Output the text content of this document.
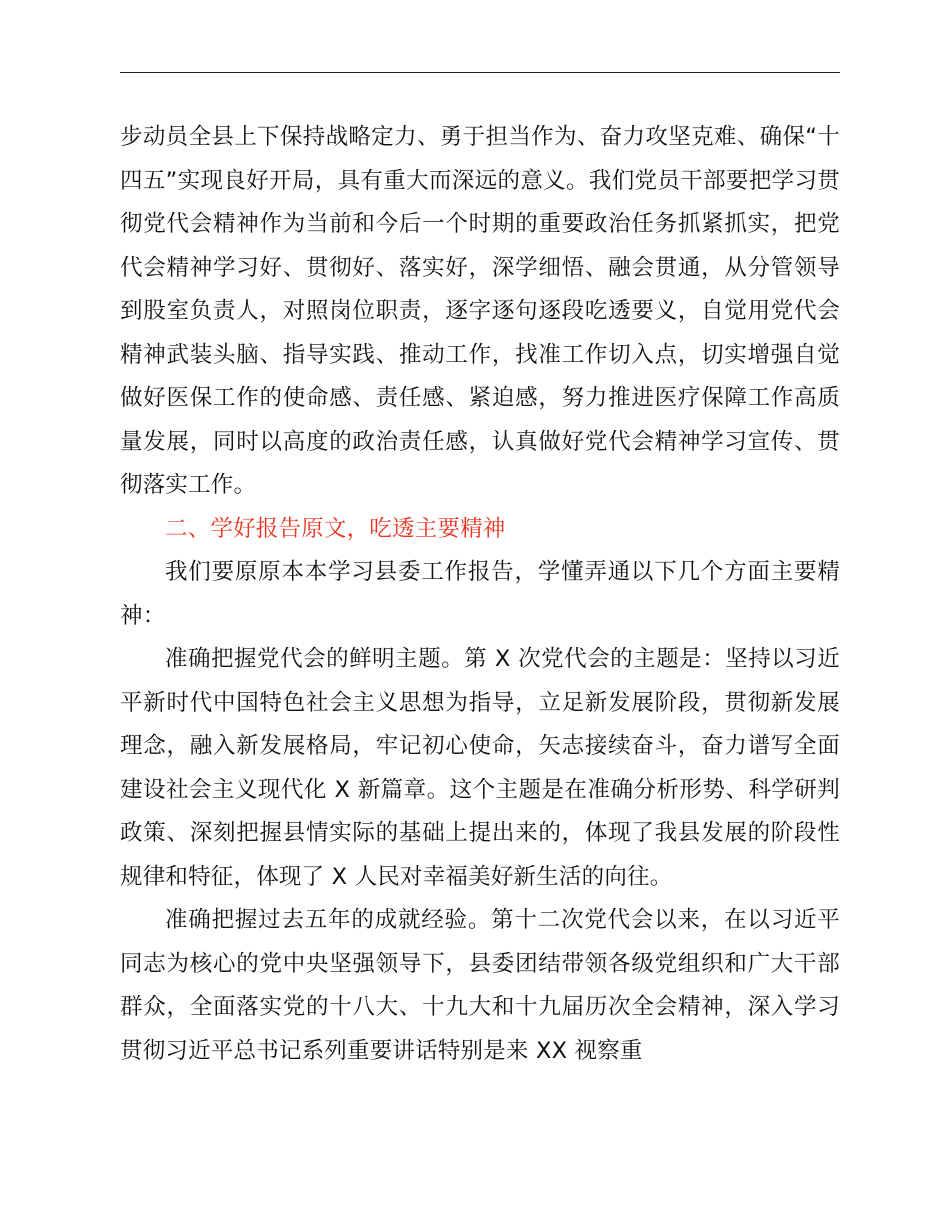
步动员全县上下保持战略定力、勇于担当作为、奋力攻坚克难、确保“十四五”实现良好开局，具有重大而深远的意义。我们党员干部要把学习贯彻党代会精神作为当前和今后一个时期的重要政治任务抓紧抓实，把党代会精神学习好、贯彻好、落实好，深学细悟、融会贯通，从分管领导到股室负责人，对照岗位职责，逐字逐句逐段吃透要义，自觉用党代会精神武装头脑、指导实践、推动工作，找准工作切入点，切实增强自觉做好医保工作的使命感、责任感、紧迫感，努力推进医疗保障工作高质量发展，同时以高度的政治责任感，认真做好党代会精神学习宣传、贯彻落实工作。

二、学好报告原文，吃透主要精神

我们要原原本本学习县委工作报告，学懂弄通以下几个方面主要精神：

准确把握党代会的鲜明主题。第 X 次党代会的主题是：坚持以习近平新时代中国特色社会主义思想为指导，立足新发展阶段，贯彻新发展理念，融入新发展格局，牢记初心使命，矢志接续奋斗，奋力谱写全面建设社会主义现代化 X 新篇章。这个主题是在准确分析形势、科学研判政策、深刻把握县情实际的基础上提出来的，体现了我县发展的阶段性规律和特征，体现了 X 人民对幸福美好新生活的向往。

准确把握过去五年的成就经验。第十二次党代会以来，在以习近平同志为核心的党中央坚强领导下，县委团结带领各级党组织和广大干部群众，全面落实党的十八大、十九大和十九届历次全会精神，深入学习贯彻习近平总书记系列重要讲话特别是来 XX 视察重
